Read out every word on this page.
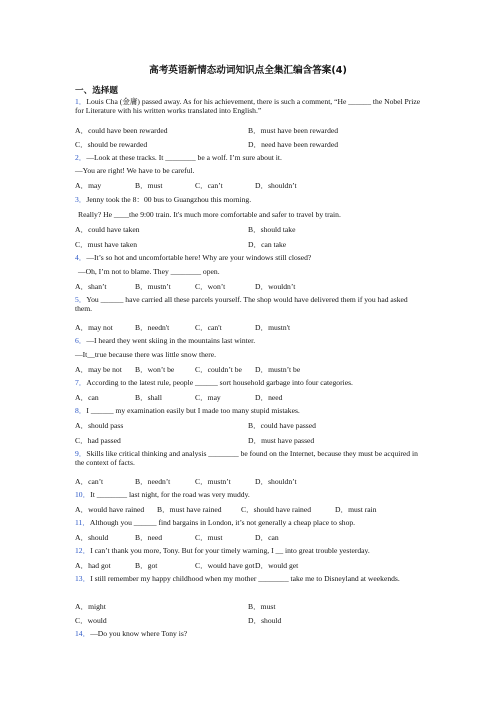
高考英语新情态动词知识点全集汇编含答案(4)
一、选择题
1．Louis Cha (金庸) passed away. As for his achievement, there is such a comment, “He ______ the Nobel Prize for Literature with his written works translated into English.”
A．could have been rewarded	B．must have been rewarded
C．should be rewarded	D．need have been rewarded
2．—Look at these tracks. It ________ be a wolf. I’m sure about it.
—You are right! We have to be careful.
A．may	B．must	C．can’t	D．shouldn’t
3．Jenny took the 8：00 bus to Guangzhou this morning.
Really? He ____the 9:00 train. It's much more comfortable and safer to travel by train.
A．could have taken	B．should take
C．must have taken	D．can take
4．—It’s so hot and uncomfortable here! Why are your windows still closed?
—Oh, I’m not to blame. They ________ open.
A．shan’t	B．mustn’t	C．won’t	D．wouldn’t
5．You ______ have carried all these parcels yourself. The shop would have delivered them if you had asked them.
A．may not	B．needn't	C．can't	D．mustn't
6．—I heard they went skiing in the mountains last winter.
—It__true because there was little snow there.
A．may be not B．won’t be	C．couldn’t be D．mustn’t be
7．According to the latest rule, people ______ sort household garbage into four categories.
A．can	B．shall	C．may	D．need
8．I ______ my examination easily but I made too many stupid mistakes.
A．should pass	B．could have passed
C．had passed	D．must have passed
9．Skills like critical thinking and analysis ________ be found on the Internet, because they must be acquired in the context of facts.
A．can’t	B．needn’t	C．mustn’t	D．shouldn’t
10．It ________ last night, for the road was very muddy.
A．would have rained B．must have rained	C．should have rained	D．must rain
11．Although you ______ find bargains in London, it’s not generally a cheap place to shop.
A．should	B．need	C．must	D．can
12．I can’t thank you more, Tony. But for your timely warning, I __ into great trouble yesterday.
A．had got	B．got	C．would have got D．would get
13．I still remember my happy childhood when my mother ________ take me to Disneyland at weekends.
A．might	B．must
C．would	D．should
14．—Do you know where Tony is?
